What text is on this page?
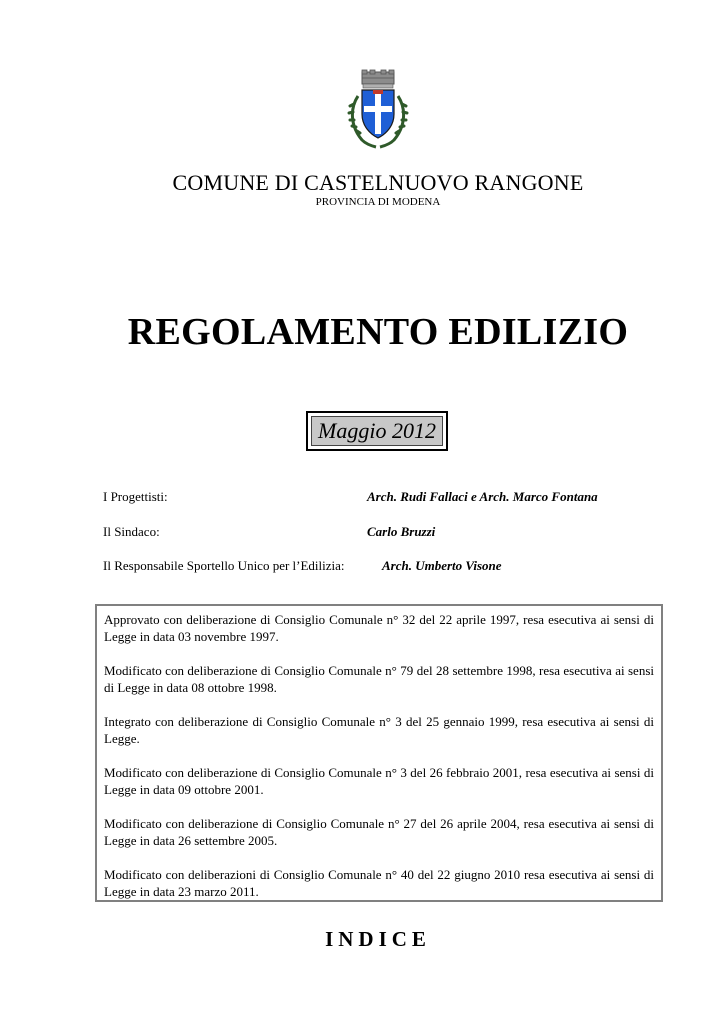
COMUNE DI CASTELNUOVO RANGONE
PROVINCIA DI MODENA
REGOLAMENTO EDILIZIO
Maggio 2012
I Progettisti:	Arch. Rudi Fallaci e Arch. Marco Fontana
Il Sindaco:	Carlo Bruzzi
Il Responsabile Sportello Unico per l’Edilizia:	Arch. Umberto Visone

Approvato con deliberazione di Consiglio Comunale n° 32 del 22 aprile 1997, resa esecutiva ai sensi di Legge in data 03 novembre 1997.

Modificato con deliberazione di Consiglio Comunale n° 79 del 28 settembre 1998, resa esecutiva ai sensi di Legge in data 08 ottobre 1998.

Integrato con deliberazione di Consiglio Comunale n° 3 del 25 gennaio 1999, resa esecutiva ai sensi di Legge.

Modificato con deliberazione di Consiglio Comunale n° 3 del 26 febbraio 2001, resa esecutiva ai sensi di Legge in data 09 ottobre 2001.

Modificato con deliberazione di Consiglio Comunale n° 27 del 26 aprile 2004, resa esecutiva ai sensi di Legge in data 26 settembre 2005.

Modificato con deliberazioni di Consiglio Comunale n° 40 del 22 giugno 2010 resa esecutiva ai sensi di Legge in data 23 marzo 2011.

INDICE
